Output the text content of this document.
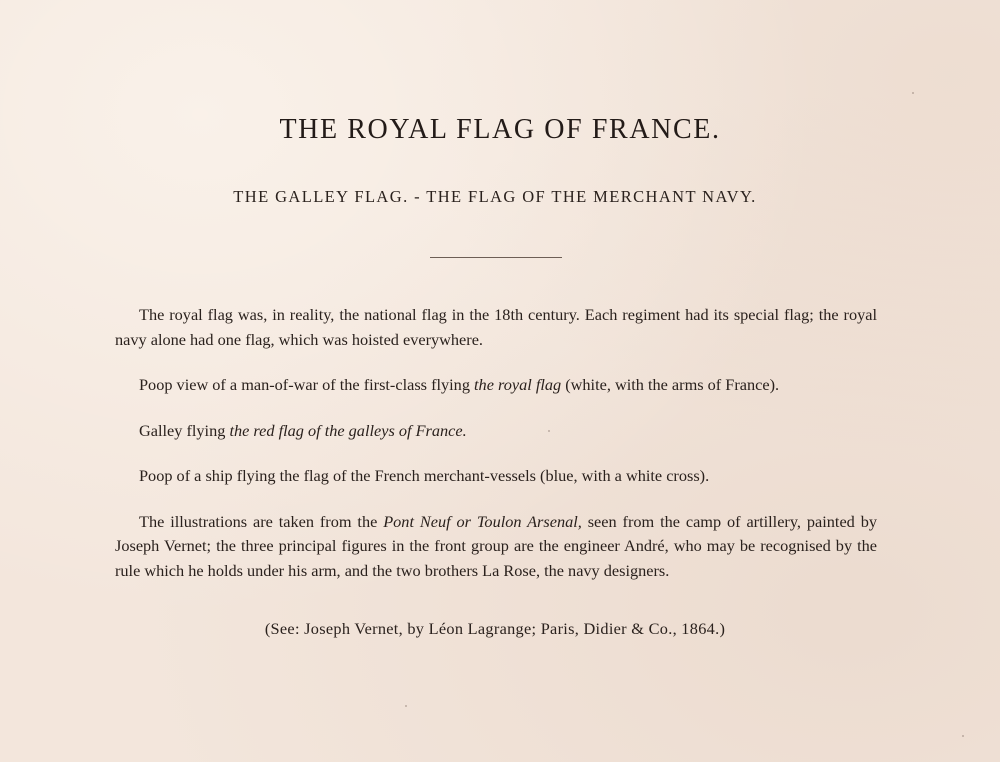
THE ROYAL FLAG OF FRANCE.
THE GALLEY FLAG. - THE FLAG OF THE MERCHANT NAVY.

The royal flag was, in reality, the national flag in the 18th century. Each regiment had its special flag; the royal navy alone had one flag, which was hoisted everywhere.

Poop view of a man-of-war of the first-class flying the royal flag (white, with the arms of France).

Galley flying the red flag of the galleys of France.

Poop of a ship flying the flag of the French merchant-vessels (blue, with a white cross).

The illustrations are taken from the Pont Neuf or Toulon Arsenal, seen from the camp of artillery, painted by Joseph Vernet; the three principal figures in the front group are the engineer André, who may be recognised by the rule which he holds under his arm, and the two brothers La Rose, the navy designers.

(See: Joseph Vernet, by Léon Lagrange; Paris, Didier & Co., 1864.)
